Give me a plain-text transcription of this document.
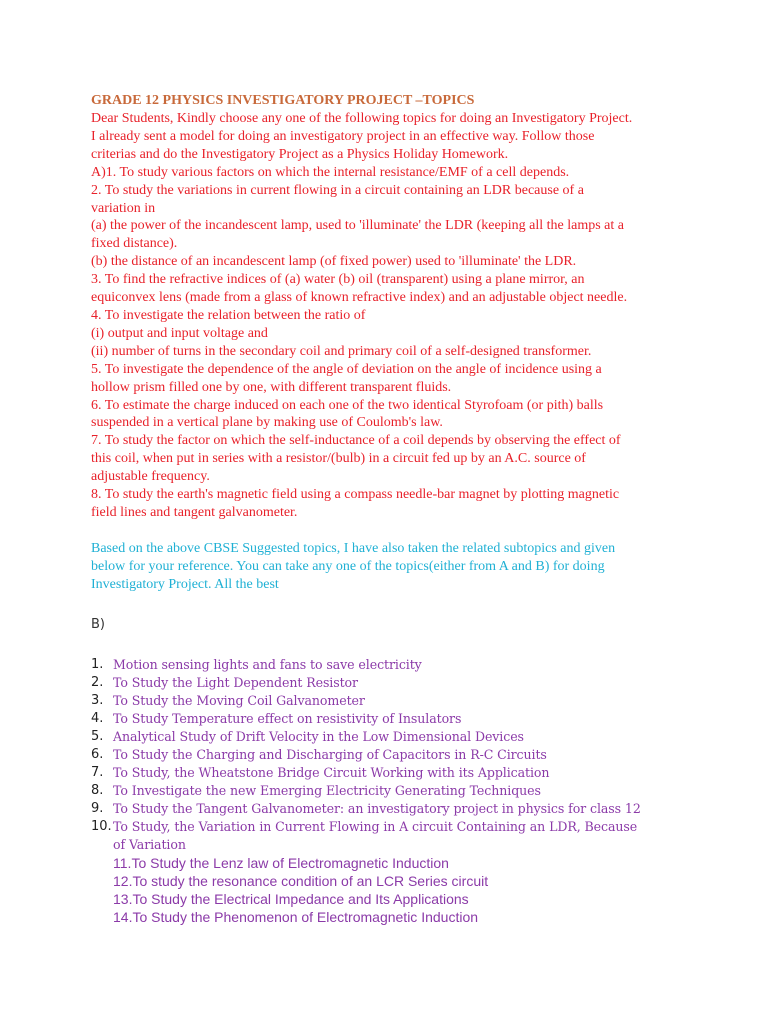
GRADE 12 PHYSICS INVESTIGATORY PROJECT –TOPICS

Dear Students, Kindly choose any one of the following topics for doing an Investigatory Project.

I already sent a model for doing an investigatory project in an effective way. Follow those

criterias and do the Investigatory Project as a Physics Holiday Homework.

A)1. To study various factors on which the internal resistance/EMF of a cell depends.

2. To study the variations in current flowing in a circuit containing an LDR because of a

variation in

(a) the power of the incandescent lamp, used to 'illuminate' the LDR (keeping all the lamps at a

fixed distance).

(b) the distance of an incandescent lamp (of fixed power) used to 'illuminate' the LDR.

3. To find the refractive indices of (a) water (b) oil (transparent) using a plane mirror, an

equiconvex lens (made from a glass of known refractive index) and an adjustable object needle.

4. To investigate the relation between the ratio of

(i) output and input voltage and

(ii) number of turns in the secondary coil and primary coil of a self-designed transformer.

5. To investigate the dependence of the angle of deviation on the angle of incidence using a

hollow prism filled one by one, with different transparent fluids.

6. To estimate the charge induced on each one of the two identical Styrofoam (or pith) balls

suspended in a vertical plane by making use of Coulomb's law.

7. To study the factor on which the self-inductance of a coil depends by observing the effect of

this coil, when put in series with a resistor/(bulb) in a circuit fed up by an A.C. source of

adjustable frequency.

8. To study the earth's magnetic field using a compass needle-bar magnet by plotting magnetic

field lines and tangent galvanometer.

Based on the above CBSE Suggested topics, I have also taken the related subtopics and given

below for your reference. You can take any one of the topics(either from A and B) for doing

Investigatory Project. All the best

B)

1. Motion sensing lights and fans to save electricity
2. To Study the Light Dependent Resistor
3. To Study the Moving Coil Galvanometer
4. To Study Temperature effect on resistivity of Insulators
5. Analytical Study of Drift Velocity in the Low Dimensional Devices
6. To Study the Charging and Discharging of Capacitors in R-C Circuits
7. To Study, the Wheatstone Bridge Circuit Working with its Application
8. To Investigate the new Emerging Electricity Generating Techniques
9. To Study the Tangent Galvanometer: an investigatory project in physics for class 12
10. To Study, the Variation in Current Flowing in A circuit Containing an LDR, Because
of Variation
11.To Study the Lenz law of Electromagnetic Induction
12.To study the resonance condition of an LCR Series circuit
13.To Study the Electrical Impedance and Its Applications
14.To Study the Phenomenon of Electromagnetic Induction
